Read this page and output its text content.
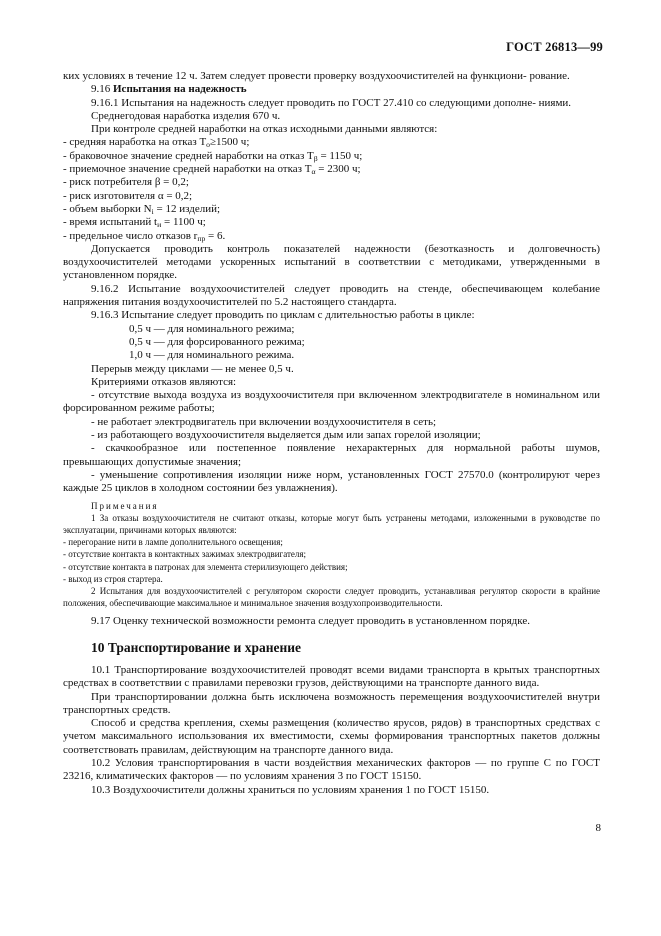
ГОСТ 26813—99

ких условиях в течение 12 ч. Затем следует провести проверку воздухоочистителей на функциони- рование.

9.16 Испытания на надежность

9.16.1 Испытания на надежность следует проводить по ГОСТ 27.410 со следующими дополне- ниями.

Среднегодовая наработка изделия 670 ч.

При контроле средней наработки на отказ исходными данными являются:

- средняя наработка на отказ $T_о\ge 1500$ ч;

- браковочное значение средней наработки на отказ $T_\beta = 1150$ ч;

- приемочное значение средней наработки на отказ $T_\alpha = 2300$ ч;

- риск потребителя β = 0,2;

- риск изготовителя α = 0,2;

- объем выборки $N_i = 12$ изделий;

- время испытаний $t_и = 1100$ ч;

- предельное число отказов $r_{пр} = 6$.

Допускается проводить контроль показателей надежности (безотказность и долговечность) воздухоочистителей методами ускоренных испытаний в соответствии с методиками, утвержденными в установленном порядке.

9.16.2 Испытание воздухоочистителей следует проводить на стенде, обеспечивающем колебание напряжения питания воздухоочистителей по 5.2 настоящего стандарта.

9.16.3 Испытание следует проводить по циклам с длительностью работы в цикле:

0,5 ч — для номинального режима;

0,5 ч — для форсированного режима;

1,0 ч — для номинального режима.

Перерыв между циклами — не менее 0,5 ч.

Критериями отказов являются:

- отсутствие выхода воздуха из воздухоочистителя при включенном электродвигателе в номинальном или форсированном режиме работы;

- не работает электродвигатель при включении воздухоочистителя в сеть;

- из работающего воздухоочистителя выделяется дым или запах горелой изоляции;

- скачкообразное или постепенное появление нехарактерных для нормальной работы шумов, превышающих допустимые значения;

- уменьшение сопротивления изоляции ниже норм, установленных ГОСТ 27570.0 (контролируют через каждые 25 циклов в холодном состоянии без увлажнения).

Примечания

1 За отказы воздухоочистителя не считают отказы, которые могут быть устранены методами, изложенными в руководстве по эксплуатации, причинами которых являются:

- перегорание нити в лампе дополнительного освещения;

- отсутствие контакта в контактных зажимах электродвигателя;

- отсутствие контакта в патронах для элемента стерилизующего действия;

- выход из строя стартера.

2 Испытания для воздухоочистителей с регулятором скорости следует проводить, устанавливая регулятор скорости в крайние положения, обеспечивающие максимальное и минимальное значения воздухопроизводительности.

9.17 Оценку технической возможности ремонта следует проводить в установленном порядке.

10 Транспортирование и хранение

10.1 Транспортирование воздухоочистителей проводят всеми видами транспорта в крытых транспортных средствах в соответствии с правилами перевозки грузов, действующими на транспорте данного вида.

При транспортировании должна быть исключена возможность перемещения воздухоочистителей внутри транспортных средств.

Способ и средства крепления, схемы размещения (количество ярусов, рядов) в транспортных средствах с учетом максимального использования их вместимости, схемы формирования транспортных пакетов должны соответствовать правилам, действующим на транспорте данного вида.

10.2 Условия транспортирования в части воздействия механических факторов — по группе С по ГОСТ 23216, климатических факторов — по условиям хранения 3 по ГОСТ 15150.

10.3 Воздухоочистители должны храниться по условиям хранения 1 по ГОСТ 15150.

8
